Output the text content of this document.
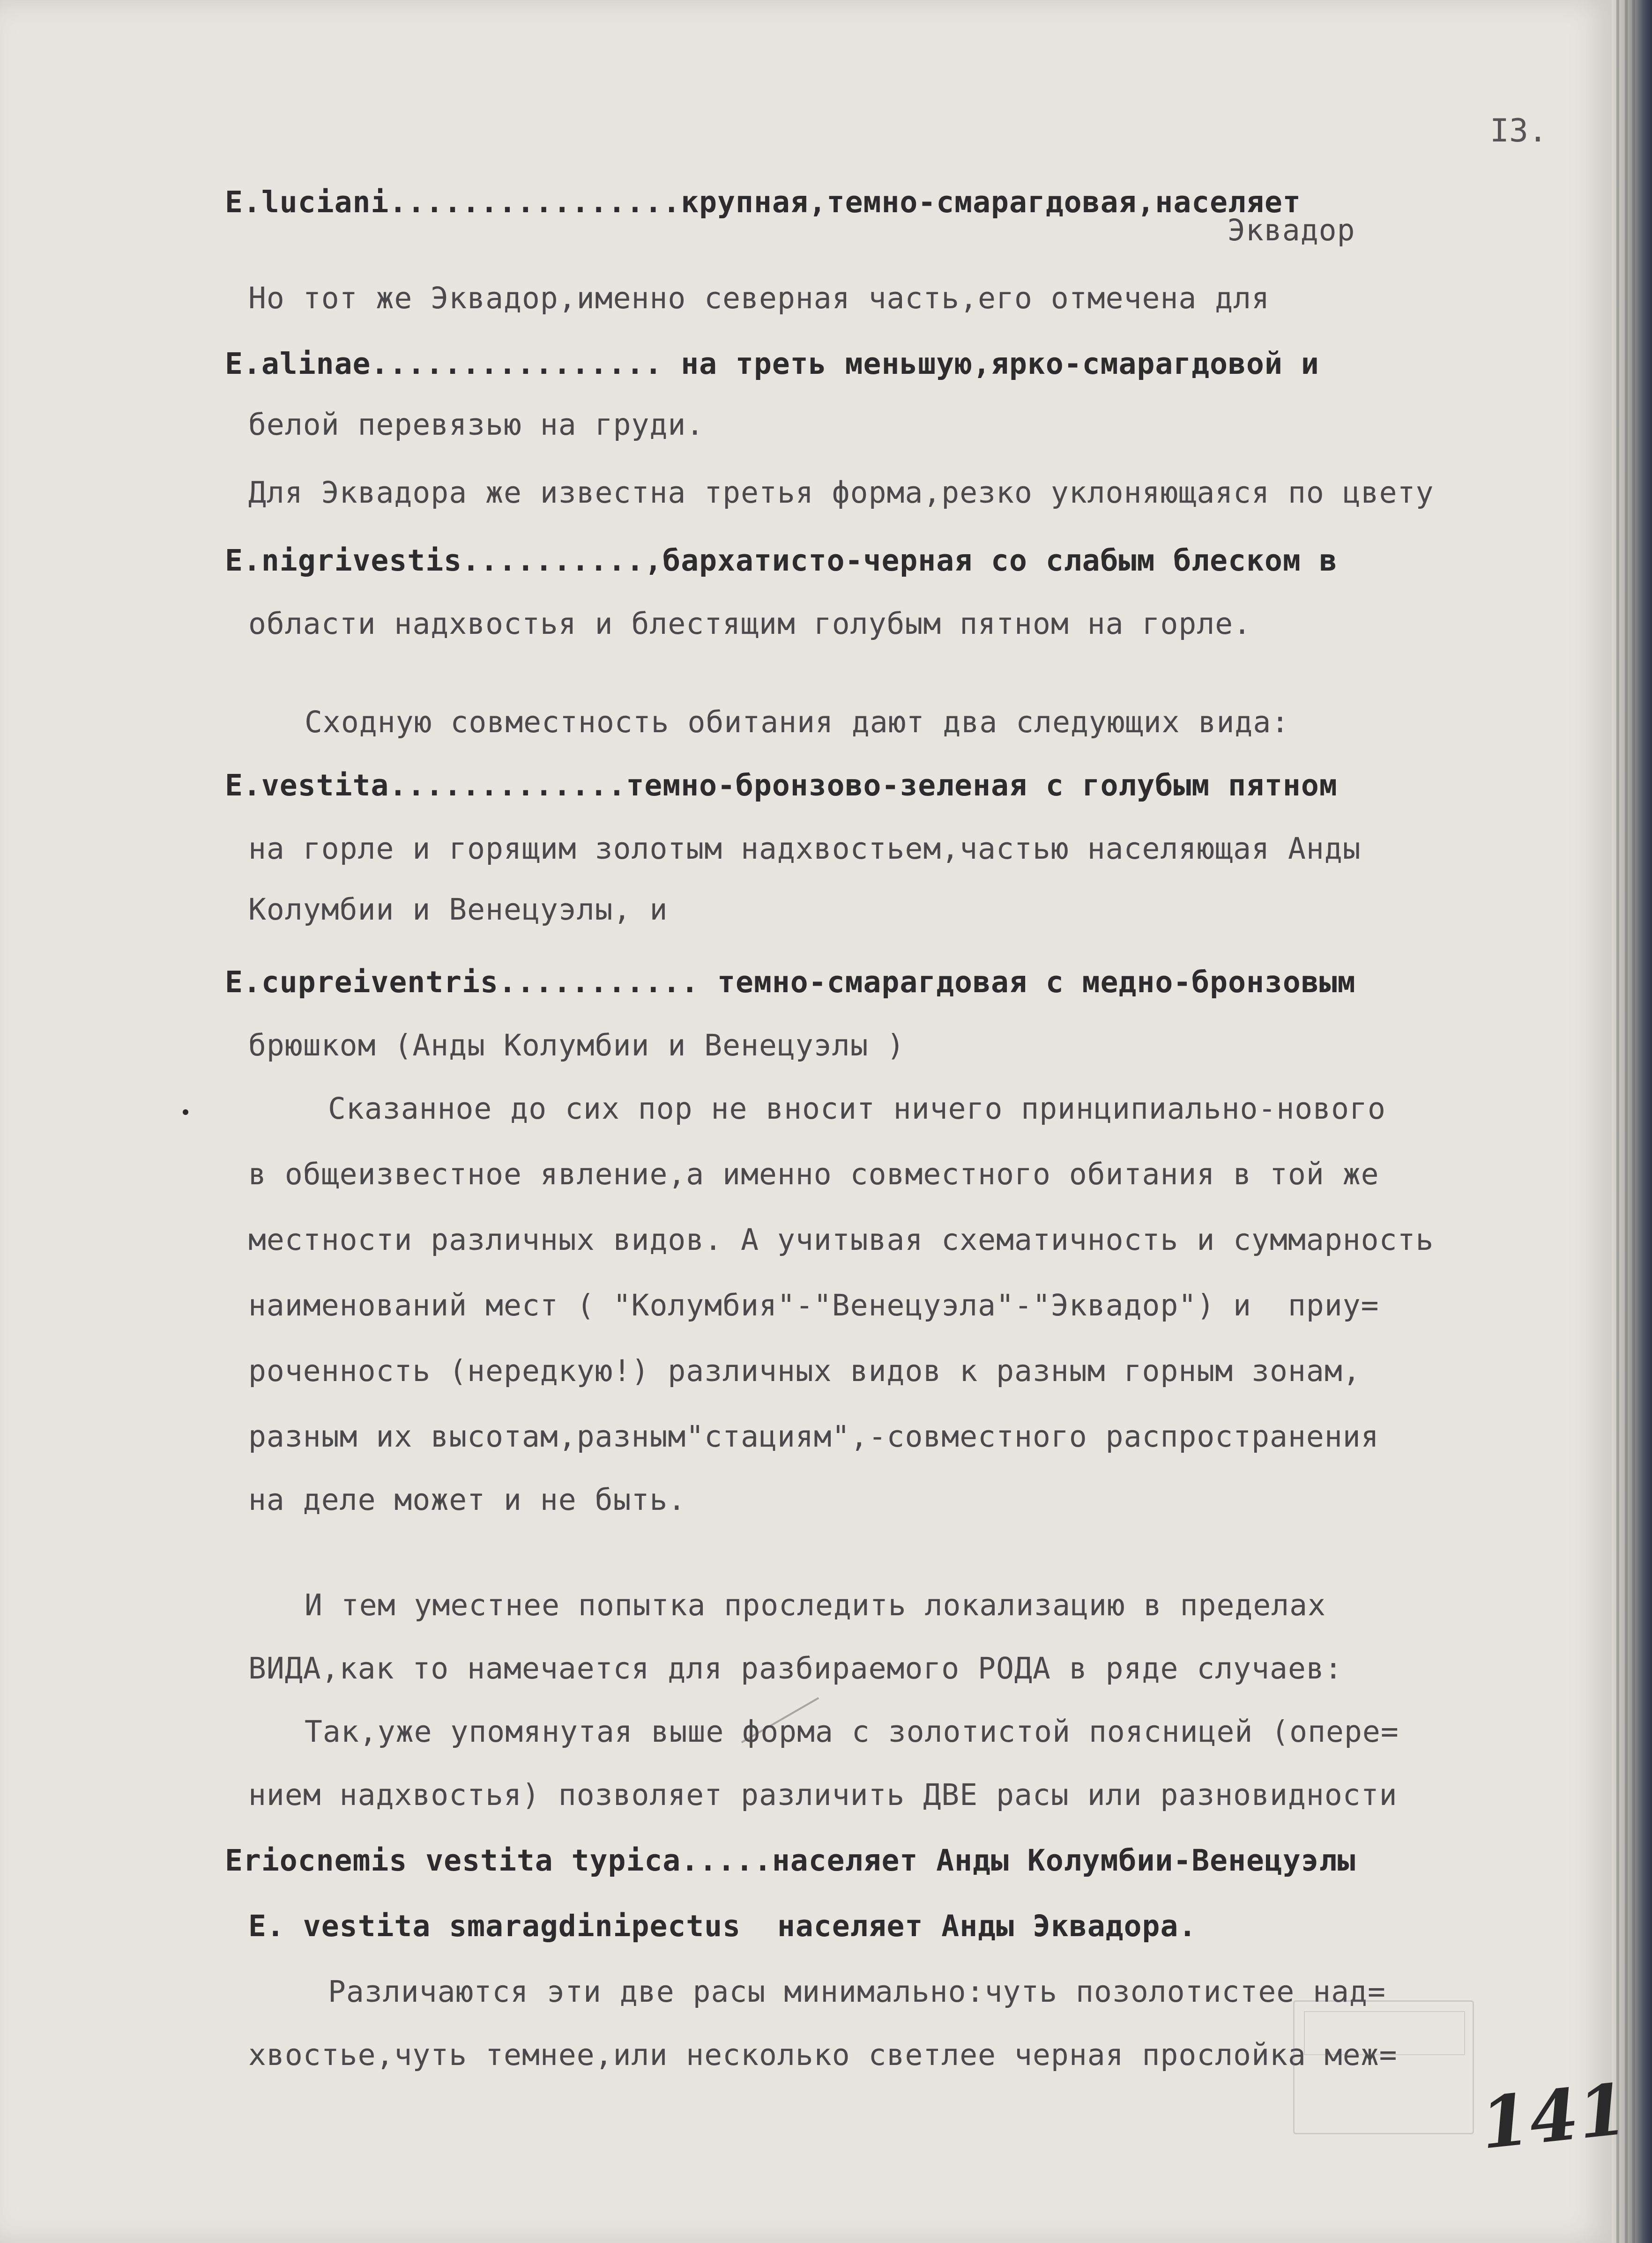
I3.
E.luciani................крупная,темно-смарагдовая,населяет
Эквадор
Но тот же Эквадор,именно северная часть,его отмечена для
E.alinae................ на треть меньшую,ярко-смарагдовой и
белой перевязью на груди.
Для Эквадора же известна третья форма,резко уклоняющаяся по цвету
E.nigrivestis..........,бархатисто-черная со слабым блеском в
области надхвостья и блестящим голубым пятном на горле.
Сходную совместность обитания дают два следующих вида:
E.vestita.............темно-бронзово-зеленая с голубым пятном
на горле и горящим золотым надхвостьем,частью населяющая Анды
Колумбии и Венецуэлы, и
E.cupreiventris........... темно-смарагдовая с медно-бронзовым
брюшком (Анды Колумбии и Венецуэлы )
Сказанное до сих пор не вносит ничего принципиально-нового
в общеизвестное явление,а именно совместного обитания в той же
местности различных видов. А учитывая схематичность и суммарность
наименований мест ( "Колумбия"-"Венецуэла"-"Эквадор") и  приу=
роченность (нередкую!) различных видов к разным горным зонам,
разным их высотам,разным"стациям",-совместного распространения
на деле может и не быть.
И тем уместнее попытка проследить локализацию в пределах
ВИДА,как то намечается для разбираемого РОДА в ряде случаев:
Так,уже упомянутая выше форма с золотистой поясницей (опере=
нием надхвостья) позволяет различить ДВЕ расы или разновидности
Eriocnemis vestita typica.....населяет Анды Колумбии-Венецуэлы
E. vestita smaragdinipectus  населяет Анды Эквадора.
Различаются эти две расы минимально:чуть позолотистее над=
хвостье,чуть темнее,или несколько светлее черная прослойка меж=
141
